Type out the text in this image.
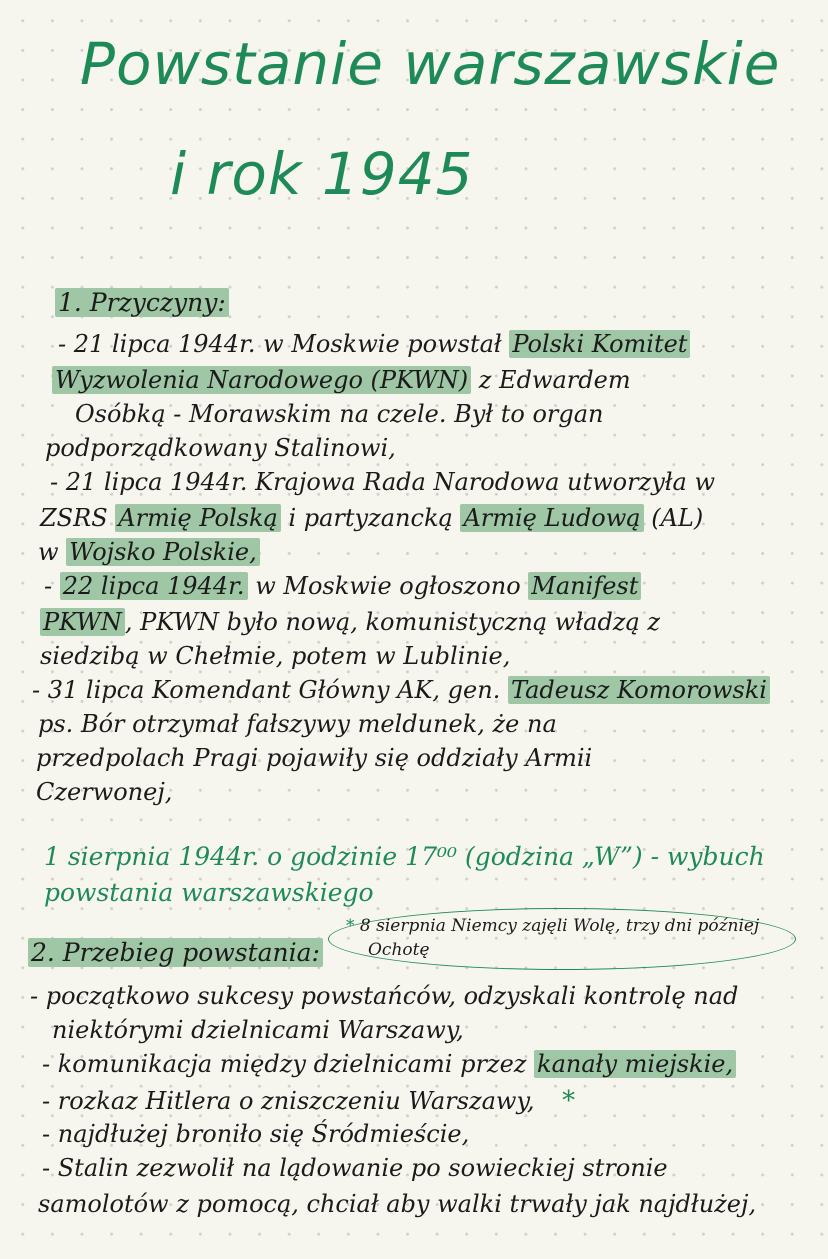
Powstanie warszawskie
i rok 1945
1. Przyczyny:
- 21 lipca 1944r. w Moskwie powstał Polski Komitet
Wyzwolenia Narodowego (PKWN) z Edwardem
Osóbką - Morawskim na czele. Był to organ
podporządkowany Stalinowi,
- 21 lipca 1944r. Krajowa Rada Narodowa utworzyła w
ZSRS Armię Polską i partyzancką Armię Ludową (AL)
w Wojsko Polskie,
- 22 lipca 1944r. w Moskwie ogłoszono Manifest
PKWN , PKWN było nową, komunistyczną władzą z
siedzibą w Chełmie, potem w Lublinie,
- 31 lipca Komendant Główny AK, gen. Tadeusz Komorowski
ps. Bór otrzymał fałszywy meldunek, że na
przedpolach Pragi pojawiły się oddziały Armii
Czerwonej,
1 sierpnia 1944r. o godzinie 17⁰⁰ (godzina „W”) - wybuch
powstania warszawskiego
* 8 sierpnia Niemcy zajęli Wolę, trzy dni później
Ochotę
2. Przebieg powstania:
- początkowo sukcesy powstańców, odzyskali kontrolę nad
niektórymi dzielnicami Warszawy,
- komunikacja między dzielnicami przez kanały miejskie,
- rozkaz Hitlera o zniszczeniu Warszawy, *
- najdłużej broniło się Śródmieście,
- Stalin zezwolił na lądowanie po sowieckiej stronie
samolotów z pomocą, chciał aby walki trwały jak najdłużej,
